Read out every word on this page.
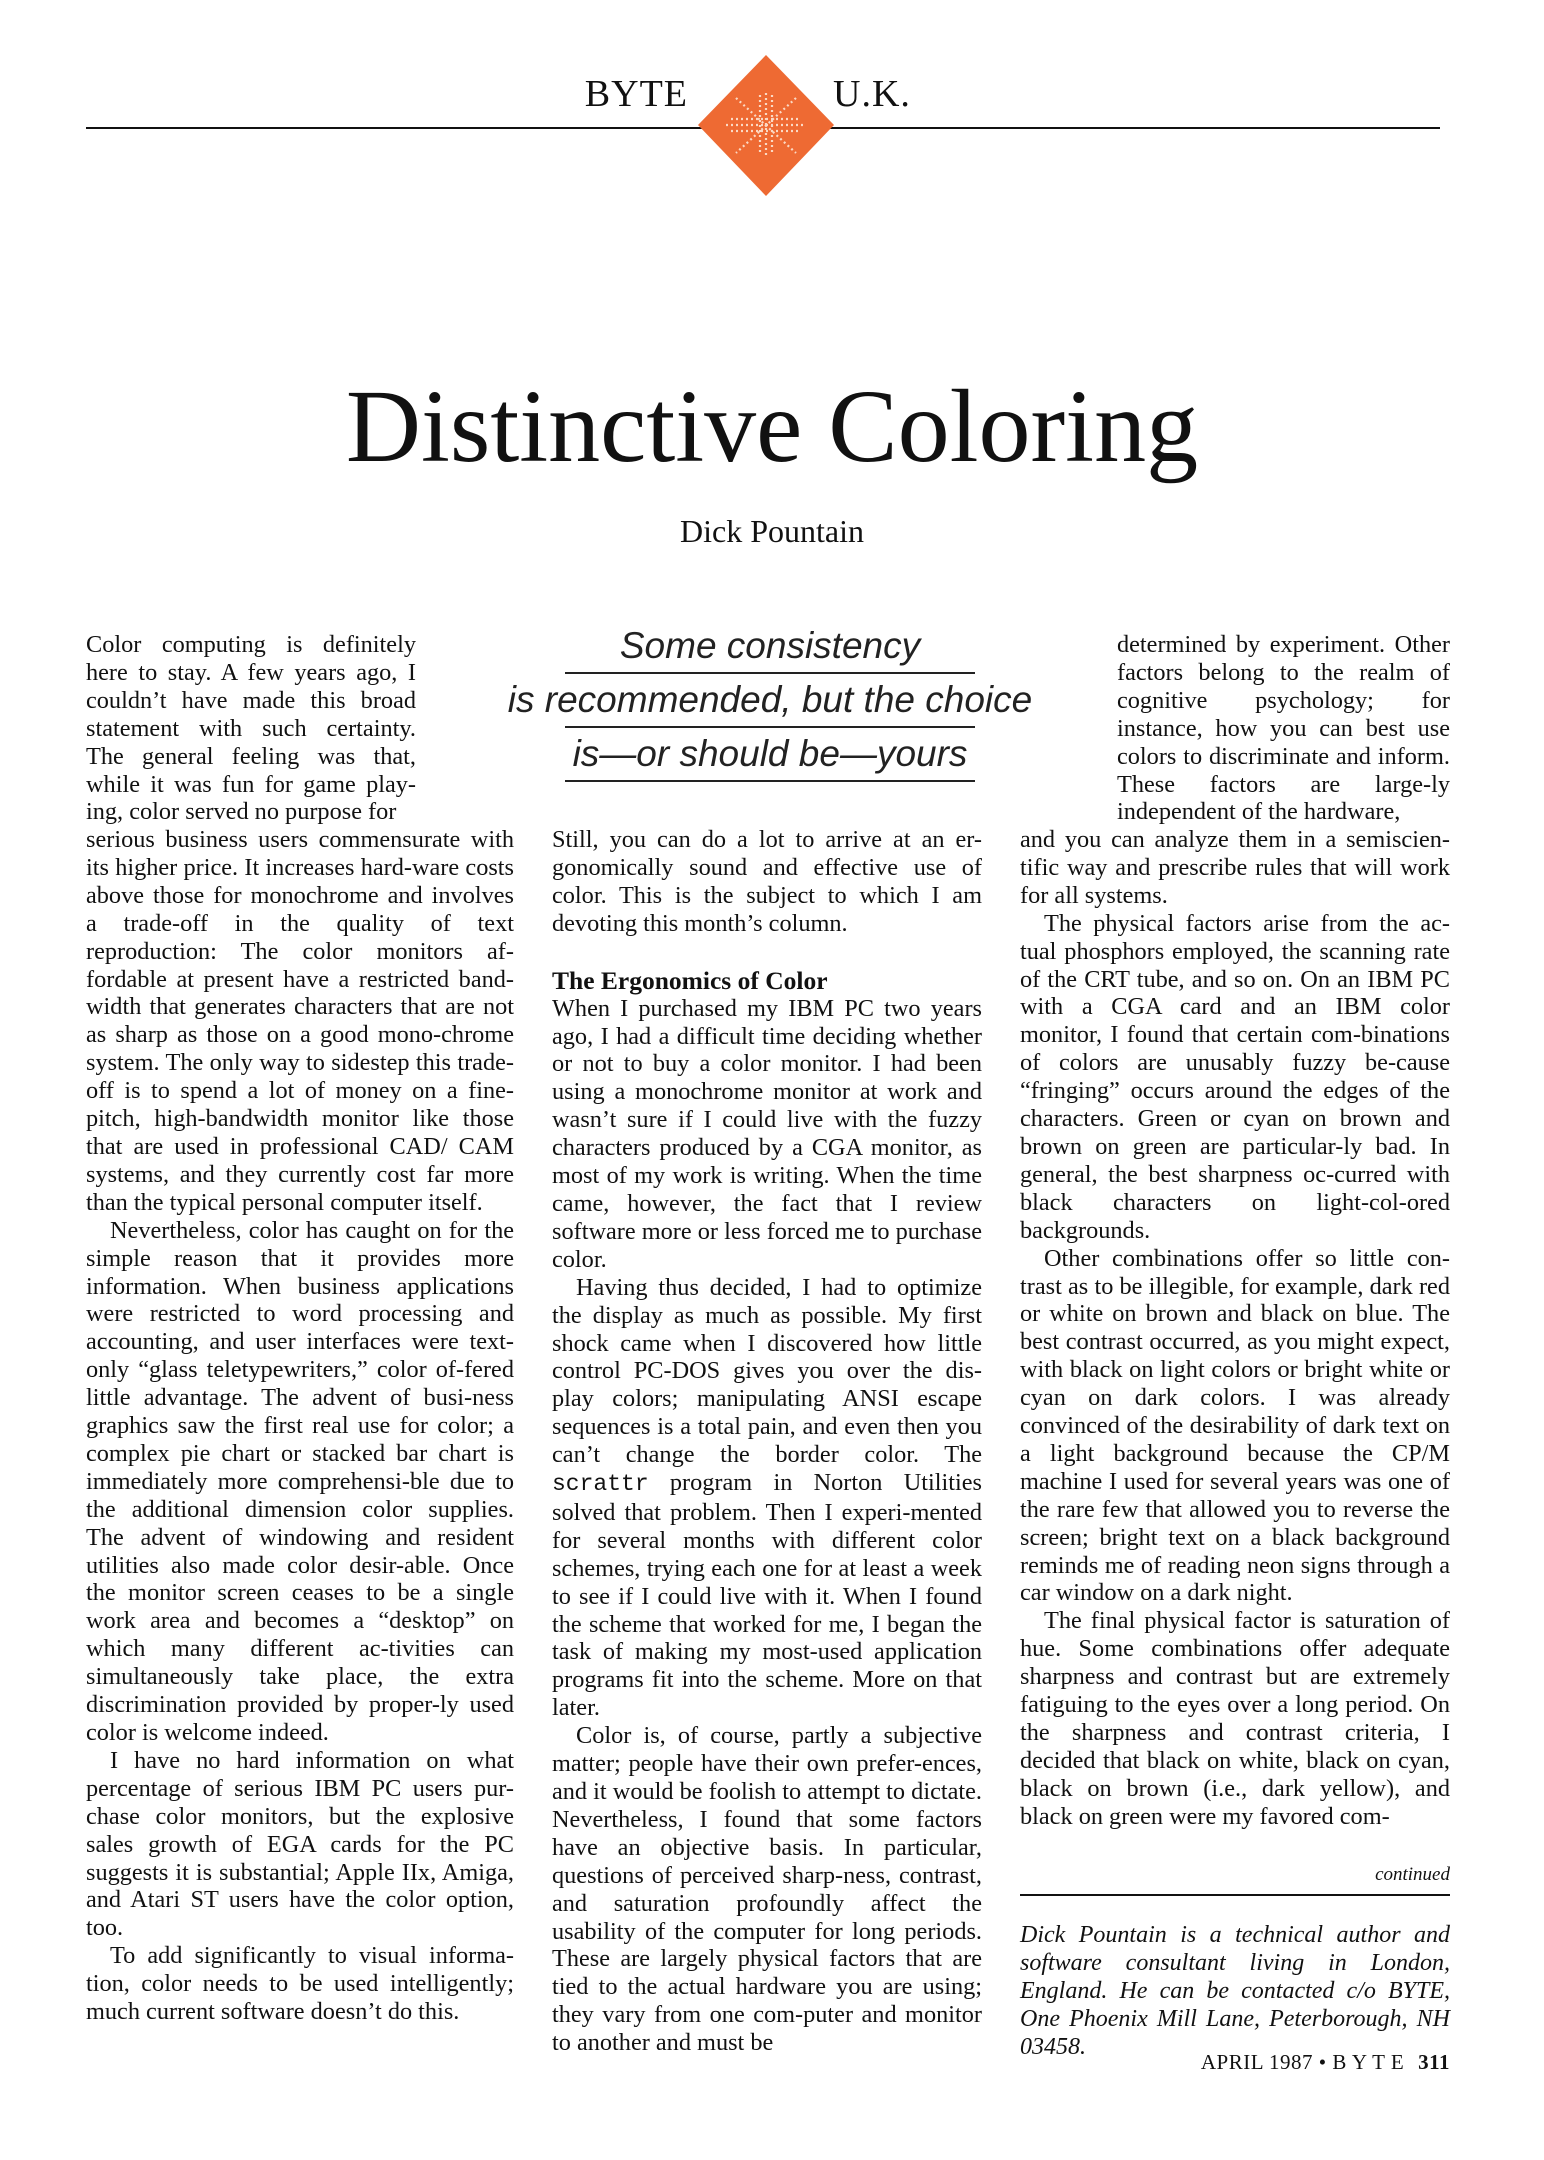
BYTE	U.K.
Distinctive Coloring
Dick Pountain

Color computing is definitely here to stay. A few years ago, I couldn’t have made this broad statement with such certainty. The general feeling was that, while it was fun for game play-ing, color served no purpose for

serious business users commensurate with its higher price. It increases hard-ware costs above those for monochrome and involves a trade-off in the quality of text reproduction: The color monitors af-fordable at present have a restricted band-width that generates characters that are not as sharp as those on a good mono-chrome system. The only way to sidestep this trade-off is to spend a lot of money on a fine-pitch, high-bandwidth monitor like those that are used in professional CAD/ CAM systems, and they currently cost far more than the typical personal computer itself.

Nevertheless, color has caught on for the simple reason that it provides more information. When business applications were restricted to word processing and accounting, and user interfaces were text-only “glass teletypewriters,” color of-fered little advantage. The advent of busi-ness graphics saw the first real use for color; a complex pie chart or stacked bar chart is immediately more comprehensi-ble due to the additional dimension color supplies. The advent of windowing and resident utilities also made color desir-able. Once the monitor screen ceases to be a single work area and becomes a “desktop” on which many different ac-tivities can simultaneously take place, the extra discrimination provided by proper-ly used color is welcome indeed.

I have no hard information on what percentage of serious IBM PC users pur-chase color monitors, but the explosive sales growth of EGA cards for the PC suggests it is substantial; Apple IIx, Amiga, and Atari ST users have the color option, too.

To add significantly to visual informa-tion, color needs to be used intelligently; much current software doesn’t do this.

Some consistency
is recommended, but the choice
is—or should be—yours

Still, you can do a lot to arrive at an er-gonomically sound and effective use of color. This is the subject to which I am devoting this month’s column.

The Ergonomics of Color

When I purchased my IBM PC two years ago, I had a difficult time deciding whether or not to buy a color monitor. I had been using a monochrome monitor at work and wasn’t sure if I could live with the fuzzy characters produced by a CGA monitor, as most of my work is writing. When the time came, however, the fact that I review software more or less forced me to purchase color.

Having thus decided, I had to optimize the display as much as possible. My first shock came when I discovered how little control PC-DOS gives you over the dis-play colors; manipulating ANSI escape sequences is a total pain, and even then you can’t change the border color. The scrattr program in Norton Utilities solved that problem. Then I experi-mented for several months with different color schemes, trying each one for at least a week to see if I could live with it. When I found the scheme that worked for me, I began the task of making my most-used application programs fit into the scheme. More on that later.

Color is, of course, partly a subjective matter; people have their own prefer-ences, and it would be foolish to attempt to dictate. Nevertheless, I found that some factors have an objective basis. In particular, questions of perceived sharp-ness, contrast, and saturation profoundly affect the usability of the computer for long periods. These are largely physical factors that are tied to the actual hardware you are using; they vary from one com-puter and monitor to another and must be

determined by experiment. Other factors belong to the realm of cognitive psychology; for instance, how you can best use colors to discriminate and inform. These factors are large-ly independent of the hardware,

and you can analyze them in a semiscien-tific way and prescribe rules that will work for all systems.

The physical factors arise from the ac-tual phosphors employed, the scanning rate of the CRT tube, and so on. On an IBM PC with a CGA card and an IBM color monitor, I found that certain com-binations of colors are unusably fuzzy be-cause “fringing” occurs around the edges of the characters. Green or cyan on brown and brown on green are particular-ly bad. In general, the best sharpness oc-curred with black characters on light-col-ored backgrounds.

Other combinations offer so little con-trast as to be illegible, for example, dark red or white on brown and black on blue. The best contrast occurred, as you might expect, with black on light colors or bright white or cyan on dark colors. I was already convinced of the desirability of dark text on a light background because the CP/M machine I used for several years was one of the rare few that allowed you to reverse the screen; bright text on a black background reminds me of reading neon signs through a car window on a dark night.

The final physical factor is saturation of hue. Some combinations offer adequate sharpness and contrast but are extremely fatiguing to the eyes over a long period. On the sharpness and contrast criteria, I decided that black on white, black on cyan, black on brown (i.e., dark yellow), and black on green were my favored com-

continued
Dick Pountain is a technical author and software consultant living in London, England. He can be contacted c/o BYTE, One Phoenix Mill Lane, Peterborough, NH 03458.
APRIL 1987 • B Y T E 311
